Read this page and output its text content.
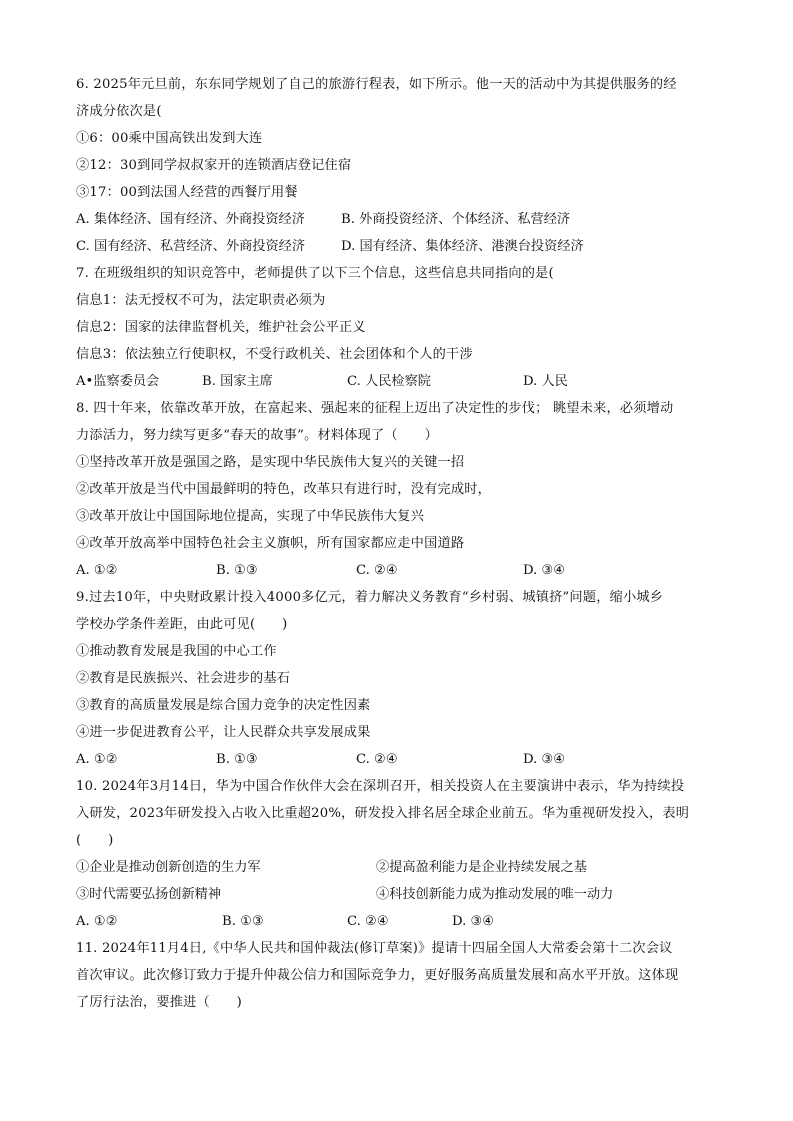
6. 2025年元旦前，东东同学规划了自己的旅游行程表，如下所示。他一天的活动中为其提供服务的经
济成分依次是(
①6：00乘中国高铁出发到大连
②12：30到同学叔叔家开的连锁酒店登记住宿
③17：00到法国人经营的西餐厅用餐
A. 集体经济、国有经济、外商投资经济	B. 外商投资经济、个体经济、私营经济
C. 国有经济、私营经济、外商投资经济	D. 国有经济、集体经济、港澳台投资经济
7. 在班级组织的知识竞答中，老师提供了以下三个信息，这些信息共同指向的是(
信息1：法无授权不可为，法定职责必须为
信息2：国家的法律监督机关，维护社会公平正义
信息3：依法独立行使职权，不受行政机关、社会团体和个人的干涉
A•监察委员会	B. 国家主席	C. 人民检察院	D. 人民
8. 四十年来，依靠改革开放，在富起来、强起来的征程上迈出了决定性的步伐； 眺望未来，必须增动
力添活力，努力续写更多“春天的故事”。材料体现了（　　）
①坚持改革开放是强国之路，是实现中华民族伟大复兴的关键一招
②改革开放是当代中国最鲜明的特色，改革只有进行时，没有完成时，
③改革开放让中国国际地位提高，实现了中华民族伟大复兴
④改革开放高举中国特色社会主义旗帜，所有国家都应走中国道路
A. ①②	B. ①③	C. ②④	D. ③④
9.过去10年，中央财政累计投入4000多亿元，着力解决义务教育“乡村弱、城镇挤”问题，缩小城乡
学校办学条件差距，由此可见(　　)
①推动教育发展是我国的中心工作
②教育是民族振兴、社会进步的基石
③教育的高质量发展是综合国力竞争的决定性因素
④进一步促进教育公平，让人民群众共享发展成果
A. ①②	B. ①③	C. ②④	D. ③④
10. 2024年3月14日，华为中国合作伙伴大会在深圳召开，相关投资人在主要演讲中表示，华为持续投
入研发，2023年研发投入占收入比重超20%，研发投入排名居全球企业前五。华为重视研发投入，表明
(　　)
①企业是推动创新创造的生力军	②提高盈利能力是企业持续发展之基
③时代需要弘扬创新精神	④科技创新能力成为推动发展的唯一动力
A. ①②	B. ①③	C. ②④	D. ③④
11. 2024年11月4日,《中华人民共和国仲裁法(修订草案)》提请十四届全国人大常委会第十二次会议
首次审议。此次修订致力于提升仲裁公信力和国际竞争力，更好服务高质量发展和高水平开放。这体现
了厉行法治，要推进（　　)
